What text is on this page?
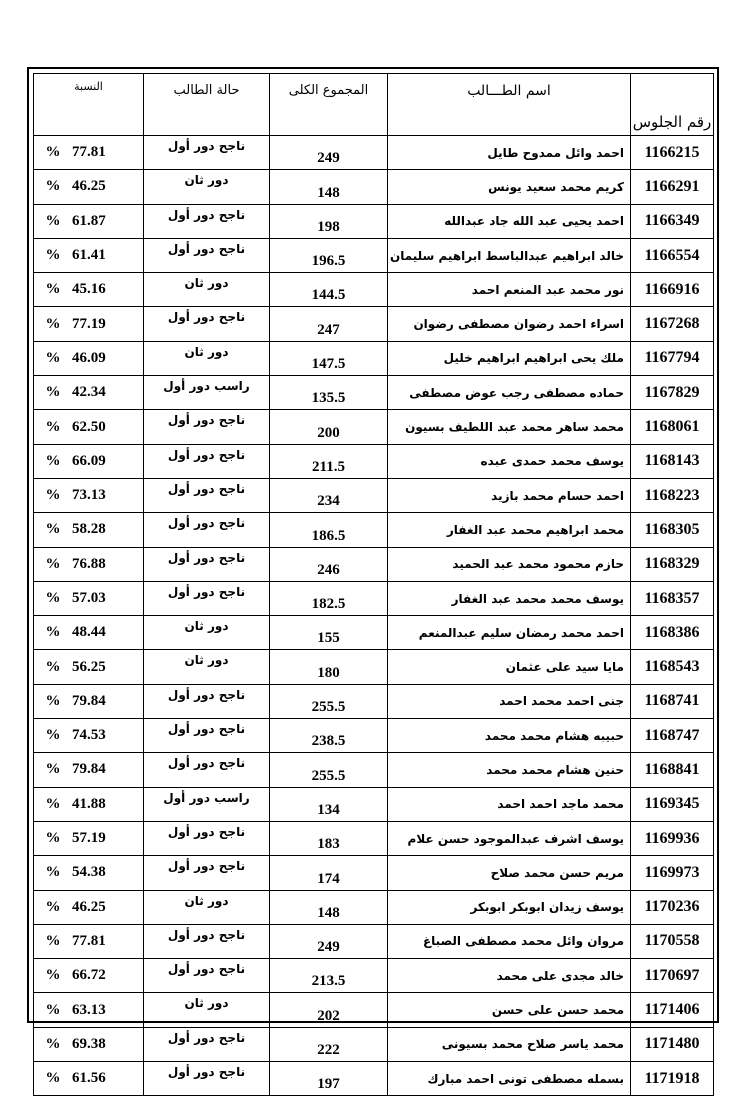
النسبة	حالة الطالب	المجموع الكلى	اسم الطـــالب	رقم الجلوس
% 77.81	ناجح دور أول	249	احمد وائل ممدوح طايل	1166215
% 46.25	دور ثان	148	كريم محمد سعيد يونس	1166291
% 61.87	ناجح دور أول	198	احمد يحيى عبد الله جاد عبدالله	1166349
% 61.41	ناجح دور أول	196.5	خالد ابراهيم عبدالباسط ابراهيم سليمان	1166554
% 45.16	دور ثان	144.5	نور محمد عبد المنعم احمد	1166916
% 77.19	ناجح دور أول	247	اسراء احمد رضوان مصطفى رضوان	1167268
% 46.09	دور ثان	147.5	ملك يحى ابراهيم ابراهيم خليل	1167794
% 42.34	راسب دور أول	135.5	حماده مصطفى رجب عوض مصطفى	1167829
% 62.50	ناجح دور أول	200	محمد ساهر محمد عبد اللطيف بسيون	1168061
% 66.09	ناجح دور أول	211.5	يوسف محمد حمدى عبده	1168143
% 73.13	ناجح دور أول	234	احمد حسام محمد بازيد	1168223
% 58.28	ناجح دور أول	186.5	محمد ابراهيم محمد عبد الغفار	1168305
% 76.88	ناجح دور أول	246	حازم محمود محمد عبد الحميد	1168329
% 57.03	ناجح دور أول	182.5	يوسف محمد محمد عبد الغفار	1168357
% 48.44	دور ثان	155	احمد محمد رمضان سليم عبدالمنعم	1168386
% 56.25	دور ثان	180	مايا سيد على عثمان	1168543
% 79.84	ناجح دور أول	255.5	جنى احمد محمد احمد	1168741
% 74.53	ناجح دور أول	238.5	حبيبه هشام محمد محمد	1168747
% 79.84	ناجح دور أول	255.5	حنين هشام محمد محمد	1168841
% 41.88	راسب دور أول	134	محمد ماجد احمد احمد	1169345
% 57.19	ناجح دور أول	183	يوسف اشرف عبدالموجود حسن علام	1169936
% 54.38	ناجح دور أول	174	مريم حسن محمد صلاح	1169973
% 46.25	دور ثان	148	يوسف زيدان ابوبكر ابوبكر	1170236
% 77.81	ناجح دور أول	249	مروان وائل محمد مصطفى الصباغ	1170558
% 66.72	ناجح دور أول	213.5	خالد مجدى على محمد	1170697
% 63.13	دور ثان	202	محمد حسن على حسن	1171406
% 69.38	ناجح دور أول	222	محمد ياسر صلاح محمد بسيونى	1171480
% 61.56	ناجح دور أول	197	بسمله مصطفى تونى احمد مبارك	1171918
